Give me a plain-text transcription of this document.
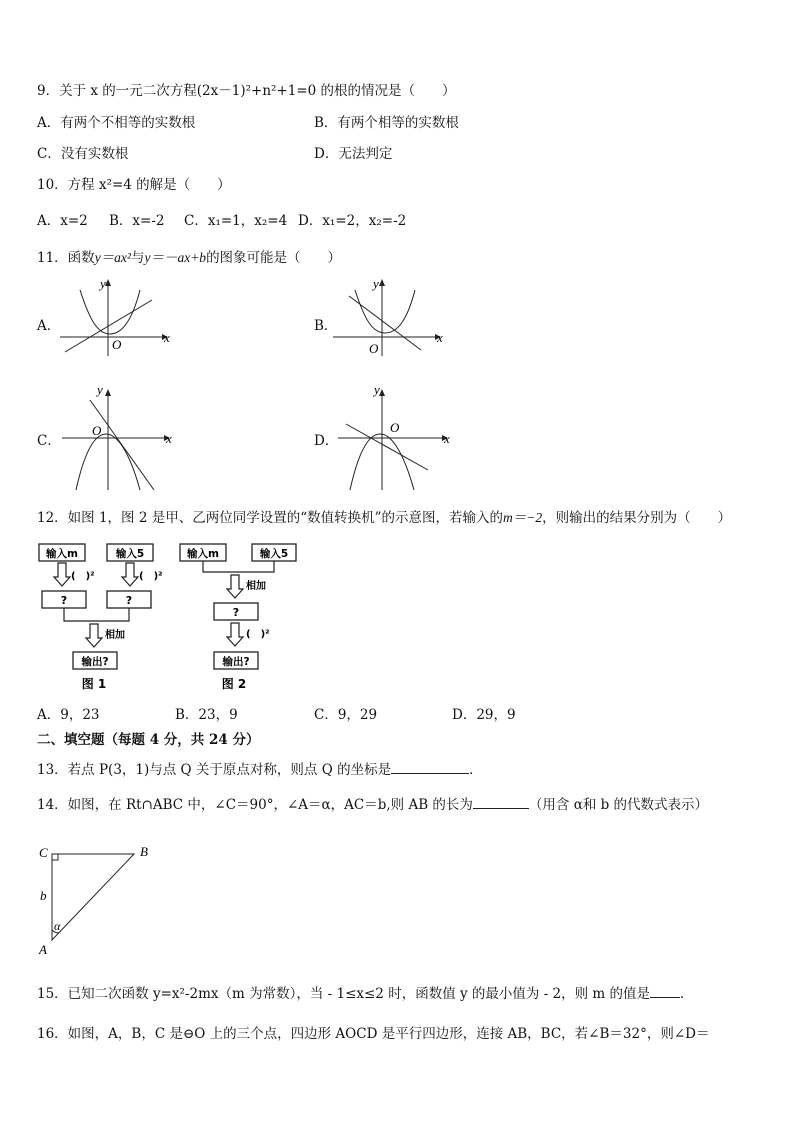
9．关于 x 的一元二次方程(2x－1)²+n²+1=0 的根的情况是（　　）
A．有两个不相等的实数根	B．有两个相等的实数根
C．没有实数根	D．无法判定
10．方程 x²=4 的解是（　　）
A．x=2 B．x=-2 C．x₁=1，x₂=4 D．x₁=2，x₂=-2
11．函数y＝ax²与y＝－ax+b的图象可能是（　　）
A．	B．
C．	D．
x
y
O	x
y
O
x
y
O
x
y
O
12．如图 1，图 2 是甲、乙两位同学设置的“数值转换机”的示意图，若输入的m＝−2，则输出的结果分别为（　　）
输入m	输入5
(　)²	(　)²
?	?
相加
输出?
图 1
输入m	输入5
相加
?
(　)²
输出?
图 2
A．9，23	B．23，9	C．9，29	D．29，9
二、填空题（每题 4 分，共 24 分）
13．若点 P(3，1)与点 Q 关于原点对称，则点 Q 的坐标是	．
14．如图，在 Rt∩ABC 中，∠C＝90°，∠A＝α，AC＝b,则 AB 的长为	（用含 α和 b 的代数式表示）
C	B
A
b
α
15．已知二次函数 y=x²-2mx（m 为常数），当 - 1≤x≤2 时，函数值 y 的最小值为 - 2，则 m 的值是 ．
16．如图，A，B，C 是⊖O 上的三个点，四边形 AOCD 是平行四边形，连接 AB，BC，若∠B＝32°，则∠D＝
